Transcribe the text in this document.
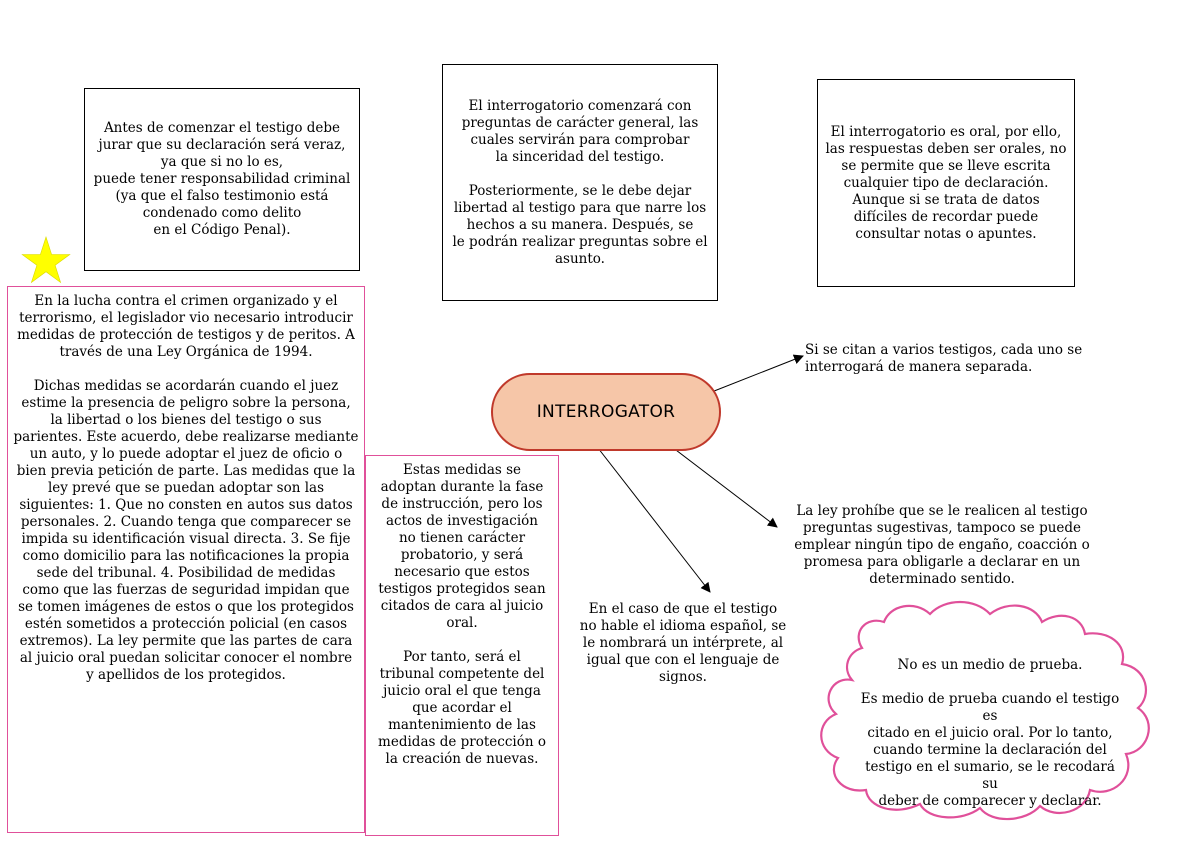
Antes de comenzar el testigo debe
jurar que su declaración será veraz,
ya que si no lo es,
puede tener responsabilidad criminal
(ya que el falso testimonio está
condenado como delito
en el Código Penal).
El interrogatorio comenzará con
preguntas de carácter general, las
cuales servirán para comprobar
la sinceridad del testigo.

Posteriormente, se le debe dejar
libertad al testigo para que narre los
hechos a su manera. Después, se
le podrán realizar preguntas sobre el
asunto.
El interrogatorio es oral, por ello,
las respuestas deben ser orales, no
se permite que se lleve escrita
cualquier tipo de declaración.
Aunque si se trata de datos
difíciles de recordar puede
consultar notas o apuntes.
En la lucha contra el crimen organizado y el
terrorismo, el legislador vio necesario introducir
medidas de protección de testigos y de peritos. A
través de una Ley Orgánica de 1994.

Dichas medidas se acordarán cuando el juez
estime la presencia de peligro sobre la persona,
la libertad o los bienes del testigo o sus
parientes. Este acuerdo, debe realizarse mediante
un auto, y lo puede adoptar el juez de oficio o
bien previa petición de parte. Las medidas que la
ley prevé que se puedan adoptar son las
siguientes: 1. Que no consten en autos sus datos
personales. 2. Cuando tenga que comparecer se
impida su identificación visual directa. 3. Se fije
como domicilio para las notificaciones la propia
sede del tribunal. 4. Posibilidad de medidas
como que las fuerzas de seguridad impidan que
se tomen imágenes de estos o que los protegidos
estén sometidos a protección policial (en casos
extremos). La ley permite que las partes de cara
al juicio oral puedan solicitar conocer el nombre
y apellidos de los protegidos.
Estas medidas se
adoptan durante la fase
de instrucción, pero los
actos de investigación
no tienen carácter
probatorio, y será
necesario que estos
testigos protegidos sean
citados de cara al juicio
oral.

Por tanto, será el
tribunal competente del
juicio oral el que tenga
que acordar el
mantenimiento de las
medidas de protección o
la creación de nuevas.
INTERROGATOR
Si se citan a varios testigos, cada uno se
interrogará de manera separada.
La ley prohíbe que se le realicen al testigo
preguntas sugestivas, tampoco se puede
emplear ningún tipo de engaño, coacción o
promesa para obligarle a declarar en un
determinado sentido.
En el caso de que el testigo
no hable el idioma español, se
le nombrará un intérprete, al
igual que con el lenguaje de
signos.
No es un medio de prueba.

Es medio de prueba cuando el testigo es
citado en el juicio oral. Por lo tanto,
cuando termine la declaración del
testigo en el sumario, se le recodará su
deber de comparecer y declarar.
